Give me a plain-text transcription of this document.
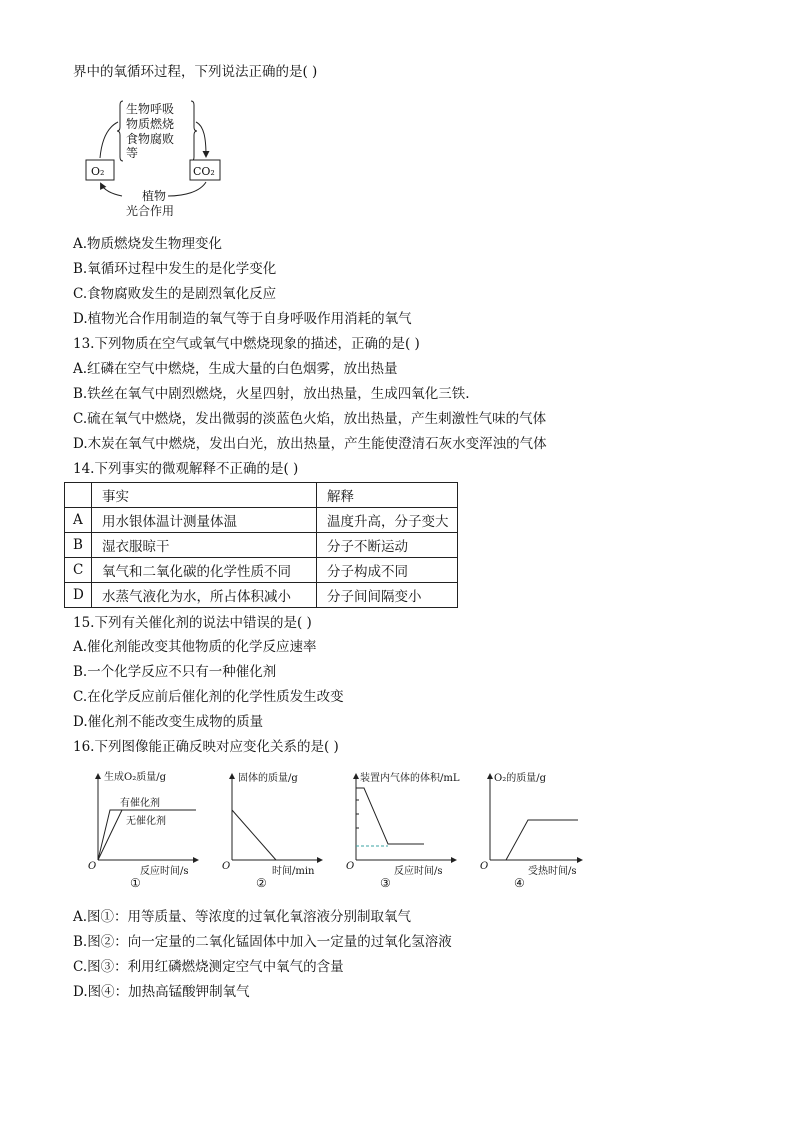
界中的氧循环过程，下列说法正确的是( )
生物呼吸
物质燃烧
食物腐败
等
O₂	CO₂
植物
光合作用
A.物质燃烧发生物理变化
B.氧循环过程中发生的是化学变化
C.食物腐败发生的是剧烈氧化反应
D.植物光合作用制造的氧气等于自身呼吸作用消耗的氧气
13.下列物质在空气或氧气中燃烧现象的描述，正确的是( )
A.红磷在空气中燃烧，生成大量的白色烟雾，放出热量
B.铁丝在氧气中剧烈燃烧，火星四射，放出热量，生成四氧化三铁.
C.硫在氧气中燃烧，发出微弱的淡蓝色火焰，放出热量，产生刺激性气味的气体
D.木炭在氧气中燃烧，发出白光，放出热量，产生能使澄清石灰水变浑浊的气体
14.下列事实的微观解释不正确的是( )
	事实	解释
A	用水银体温计测量体温	温度升高，分子变大
B	湿衣服晾干	分子不断运动
C	氧气和二氧化碳的化学性质不同	分子构成不同
D	水蒸气液化为水，所占体积减小	分子间间隔变小
15.下列有关催化剂的说法中错误的是( )
A.催化剂能改变其他物质的化学反应速率
B.一个化学反应不只有一种催化剂
C.在化学反应前后催化剂的化学性质发生改变
D.催化剂不能改变生成物的质量
16.下列图像能正确反映对应变化关系的是( )
生成O₂质量/g
O	反应时间/s
有催化剂
无催化剂
①
固体的质量/g
O	时间/min
②
装置内气体的体积/mL
O	反应时间/s
③
O₂的质量/g
O	受热时间/s
④
A.图①：用等质量、等浓度的过氧化氧溶液分别制取氧气
B.图②：向一定量的二氧化锰固体中加入一定量的过氧化氢溶液
C.图③：利用红磷燃烧测定空气中氧气的含量
D.图④：加热高锰酸钾制氧气
